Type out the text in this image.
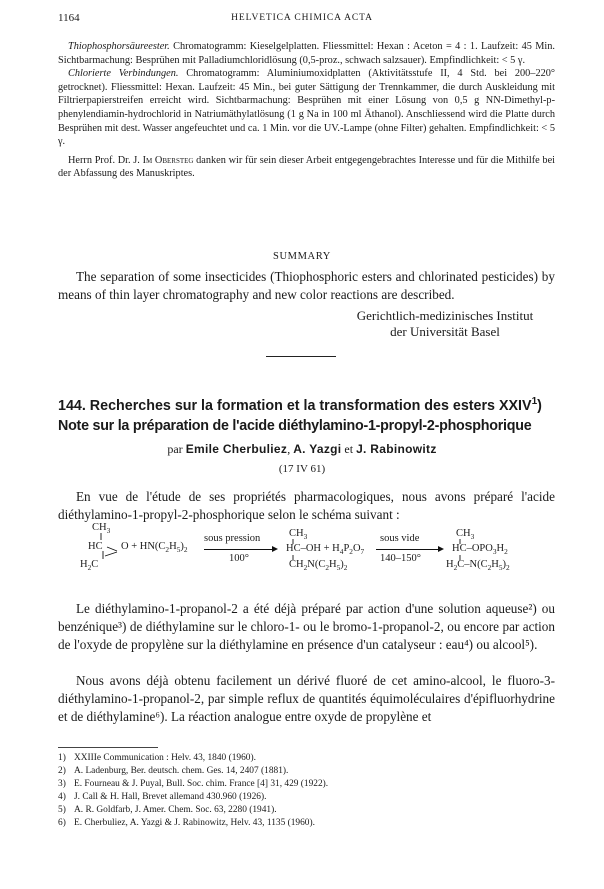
1164	HELVETICA CHIMICA ACTA

Thiophosphorsäureester. Chromatogramm: Kieselgelplatten. Fliessmittel: Hexan : Aceton = 4 : 1. Laufzeit: 45 Min. Sichtbarmachung: Besprühen mit Palladiumchloridlösung (0,5-proz., schwach salzsauer). Empfindlichkeit: < 5 γ.

Chlorierte Verbindungen. Chromatogramm: Aluminiumoxidplatten (Aktivitätsstufe II, 4 Std. bei 200–220° getrocknet). Fliessmittel: Hexan. Laufzeit: 45 Min., bei guter Sättigung der Trennkammer, die durch Auskleidung mit Filtrierpapierstreifen erreicht wird. Sichtbarmachung: Besprühen mit einer Lösung von 0,5 g NN-Dimethyl-p-phenylendiamin-hydrochlorid in Natriumäthylatlösung (1 g Na in 100 ml Äthanol). Anschliessend wird die Platte durch Besprühen mit dest. Wasser angefeuchtet und ca. 1 Min. vor die UV.-Lampe (ohne Filter) gehalten. Empfindlichkeit: < 5 γ.

Herrn Prof. Dr. J. Im Obersteg danken wir für sein dieser Arbeit entgegengebrachtes Interesse und für die Mithilfe bei der Abfassung des Manuskriptes.

SUMMARY

The separation of some insecticides (Thiophosphoric esters and chlorinated pesticides) by means of thin layer chromatography and new color reactions are described.

Gerichtlich-medizinisches Institut
der Universität Basel
144. Recherches sur la formation et la transformation des esters XXIV$^1$)
Note sur la préparation de l'acide diéthylamino-1-propyl-2-phosphorique
par Emile Cherbuliez, A. Yazgi et J. Rabinowitz
(17 IV 61)

En vue de l'étude de ses propriétés pharmacologiques, nous avons préparé l'acide diéthylamino-1-propyl-2-phosphorique selon le schéma suivant :

$CH_3$
HC $O + HN(C_2H_5)_2$
$H_2C$
sous pression
100°
$CH_3$
$HC-OH + H_4P_2O_7$
$CH_2N(C_2H_5)_2$
sous vide
140–150°
$CH_3$
$HC-OPO_3H_2$
$H_2C-N(C_2H_5)_2$

Le diéthylamino-1-propanol-2 a été déjà préparé par action d'une solution aqueuse²) ou benzénique³) de diéthylamine sur le chloro-1- ou le bromo-1-propanol-2, ou encore par action de l'oxyde de propylène sur la diéthylamine en présence d'un catalyseur : eau⁴) ou alcool⁵).

Nous avons déjà obtenu facilement un dérivé fluoré de cet amino-alcool, le fluoro-3-diéthylamino-1-propanol-2, par simple reflux de quantités équimoléculaires d'épifluorhydrine et de diéthylamine⁶). La réaction analogue entre oxyde de propylène et

1) XXIIIe Communication : Helv. 43, 1840 (1960).
2) A. Ladenburg, Ber. deutsch. chem. Ges. 14, 2407 (1881).
3) E. Fourneau & J. Puyal, Bull. Soc. chim. France [4] 31, 429 (1922).
4) J. Call & H. Hall, Brevet allemand 430.960 (1926).
5) A. R. Goldfarb, J. Amer. Chem. Soc. 63, 2280 (1941).
6) E. Cherbuliez, A. Yazgi & J. Rabinowitz, Helv. 43, 1135 (1960).
